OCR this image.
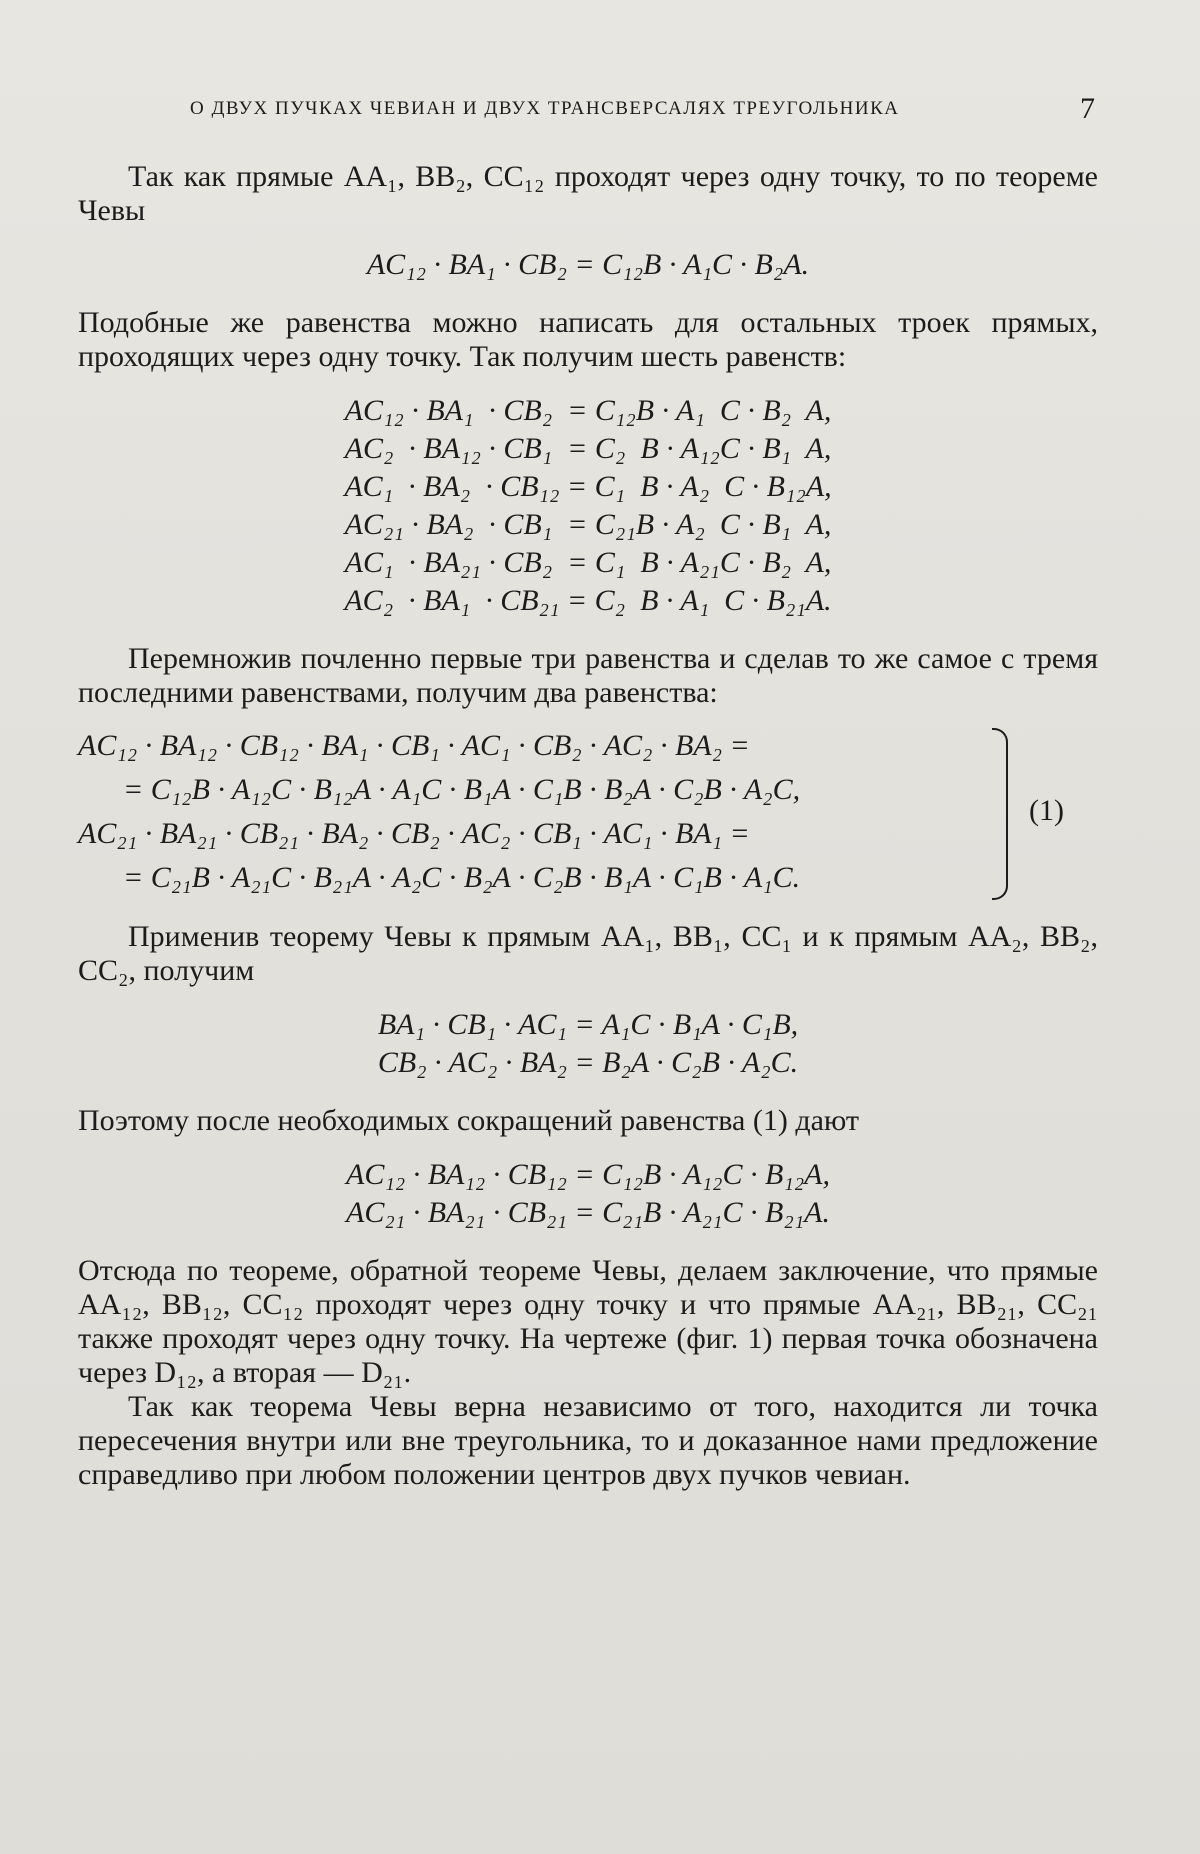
О ДВУХ ПУЧКАХ ЧЕВИАН И ДВУХ ТРАНСВЕРСАЛЯХ ТРЕУГОЛЬНИКА	7

Так как прямые AA₁, BB₂, CC₁₂ проходят через одну точку, то по теореме Чевы

AC₁₂ · BA₁ · CB₂ = C₁₂B · A₁C · B₂A.

Подобные же равенства можно написать для остальных троек прямых, проходящих через одну точку. Так получим шесть равенств:

AC₁₂ · BA₁  · CB₂  = C₁₂B · A₁  C · B₂  A,
AC₂  · BA₁₂ · CB₁  = C₂  B · A₁₂C · B₁  A,
AC₁  · BA₂  · CB₁₂ = C₁  B · A₂  C · B₁₂A,
AC₂₁ · BA₂  · CB₁  = C₂₁B · A₂  C · B₁  A,
AC₁  · BA₂₁ · CB₂  = C₁  B · A₂₁C · B₂  A,
AC₂  · BA₁  · CB₂₁ = C₂  B · A₁  C · B₂₁A.

Перемножив почленно первые три равенства и сделав то же самое с тремя последними равенствами, получим два равенства:

AC₁₂ · BA₁₂ · CB₁₂ · BA₁ · CB₁ · AC₁ · CB₂ · AC₂ · BA₂ =
= C₁₂B · A₁₂C · B₁₂A · A₁C · B₁A · C₁B · B₂A · C₂B · A₂C,
AC₂₁ · BA₂₁ · CB₂₁ · BA₂ · CB₂ · AC₂ · CB₁ · AC₁ · BA₁ =
= C₂₁B · A₂₁C · B₂₁A · A₂C · B₂A · C₂B · B₁A · C₁B · A₁C.
(1)

Применив теорему Чевы к прямым AA₁, BB₁, CC₁ и к прямым AA₂, BB₂, CC₂, получим

BA₁ · CB₁ · AC₁ = A₁C · B₁A · C₁B,
CB₂ · AC₂ · BA₂ = B₂A · C₂B · A₂C.

Поэтому после необходимых сокращений равенства (1) дают

AC₁₂ · BA₁₂ · CB₁₂ = C₁₂B · A₁₂C · B₁₂A,
AC₂₁ · BA₂₁ · CB₂₁ = C₂₁B · A₂₁C · B₂₁A.

Отсюда по теореме, обратной теореме Чевы, делаем заключение, что прямые AA₁₂, BB₁₂, CC₁₂ проходят через одну точку и что прямые AA₂₁, BB₂₁, CC₂₁ также проходят через одну точку. На чертеже (фиг. 1) первая точка обозначена через D₁₂, а вторая — D₂₁.

Так как теорема Чевы верна независимо от того, находится ли точка пересечения внутри или вне треугольника, то и доказанное нами предложение справедливо при любом положении центров двух пучков чевиан.
